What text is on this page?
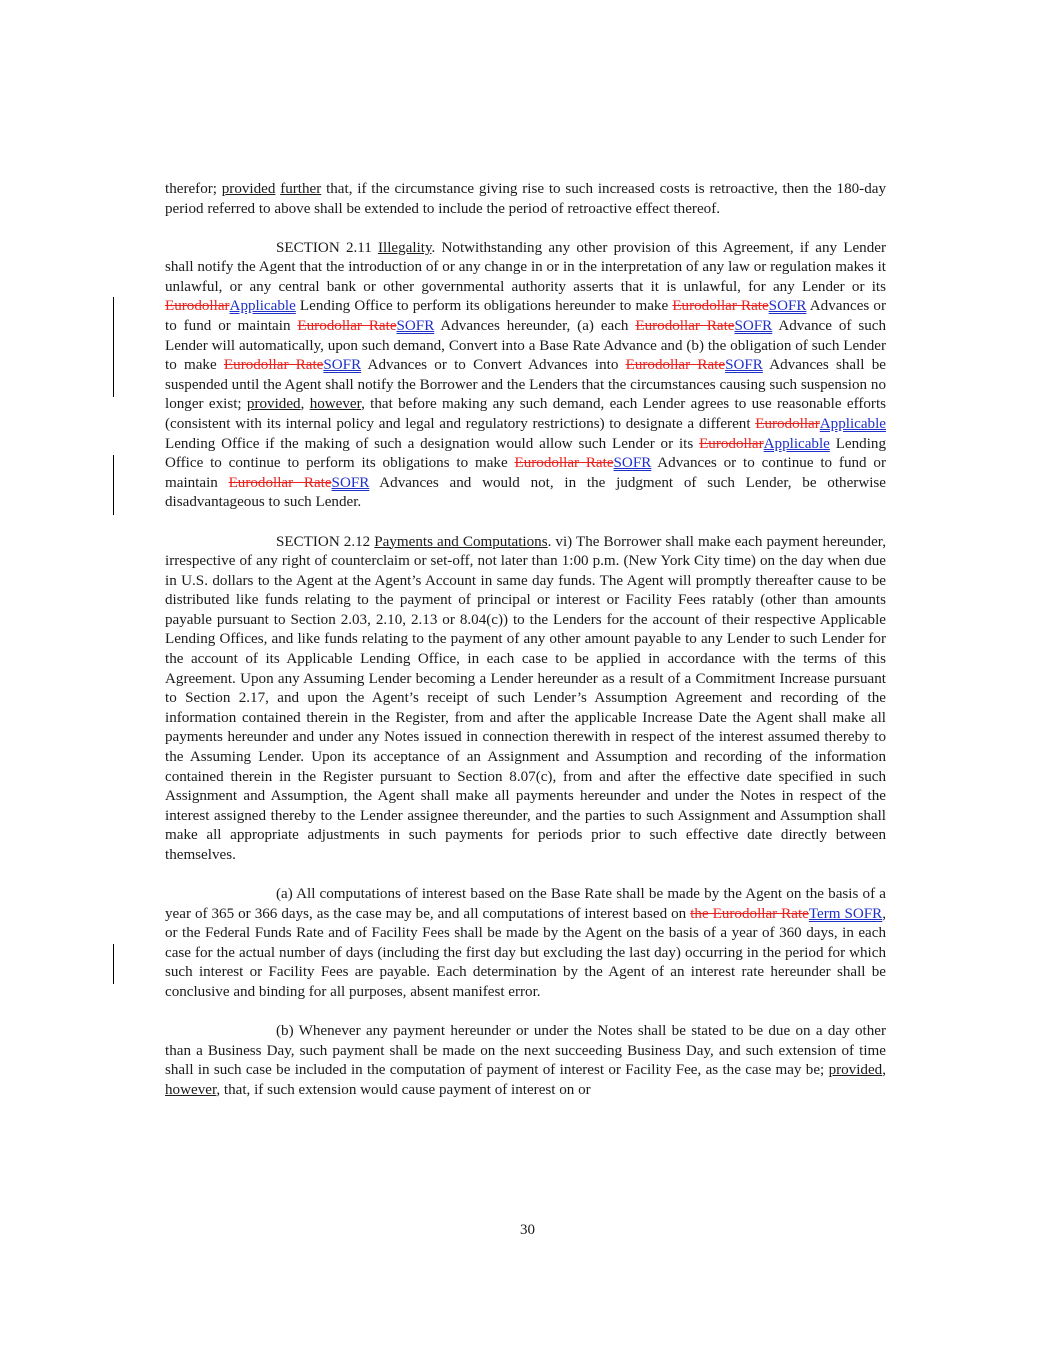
therefor; provided further that, if the circumstance giving rise to such increased costs is retroactive, then the 180-day period referred to above shall be extended to include the period of retroactive effect thereof.

SECTION 2.11 Illegality. Notwithstanding any other provision of this Agreement, if any Lender shall notify the Agent that the introduction of or any change in or in the interpretation of any law or regulation makes it unlawful, or any central bank or other governmental authority asserts that it is unlawful, for any Lender or its EurodollarApplicable Lending Office to perform its obligations hereunder to make Eurodollar RateSOFR Advances or to fund or maintain Eurodollar RateSOFR Advances hereunder, (a) each Eurodollar RateSOFR Advance of such Lender will automatically, upon such demand, Convert into a Base Rate Advance and (b) the obligation of such Lender to make Eurodollar RateSOFR Advances or to Convert Advances into Eurodollar RateSOFR Advances shall be suspended until the Agent shall notify the Borrower and the Lenders that the circumstances causing such suspension no longer exist; provided, however, that before making any such demand, each Lender agrees to use reasonable efforts (consistent with its internal policy and legal and regulatory restrictions) to designate a different EurodollarApplicable Lending Office if the making of such a designation would allow such Lender or its EurodollarApplicable Lending Office to continue to perform its obligations to make Eurodollar RateSOFR Advances or to continue to fund or maintain Eurodollar RateSOFR Advances and would not, in the judgment of such Lender, be otherwise disadvantageous to such Lender.

SECTION 2.12 Payments and Computations. vi) The Borrower shall make each payment hereunder, irrespective of any right of counterclaim or set-off, not later than 1:00 p.m. (New York City time) on the day when due in U.S. dollars to the Agent at the Agent’s Account in same day funds. The Agent will promptly thereafter cause to be distributed like funds relating to the payment of principal or interest or Facility Fees ratably (other than amounts payable pursuant to Section 2.03, 2.10, 2.13 or 8.04(c)) to the Lenders for the account of their respective Applicable Lending Offices, and like funds relating to the payment of any other amount payable to any Lender to such Lender for the account of its Applicable Lending Office, in each case to be applied in accordance with the terms of this Agreement. Upon any Assuming Lender becoming a Lender hereunder as a result of a Commitment Increase pursuant to Section 2.17, and upon the Agent’s receipt of such Lender’s Assumption Agreement and recording of the information contained therein in the Register, from and after the applicable Increase Date the Agent shall make all payments hereunder and under any Notes issued in connection therewith in respect of the interest assumed thereby to the Assuming Lender. Upon its acceptance of an Assignment and Assumption and recording of the information contained therein in the Register pursuant to Section 8.07(c), from and after the effective date specified in such Assignment and Assumption, the Agent shall make all payments hereunder and under the Notes in respect of the interest assigned thereby to the Lender assignee thereunder, and the parties to such Assignment and Assumption shall make all appropriate adjustments in such payments for periods prior to such effective date directly between themselves.

(a) All computations of interest based on the Base Rate shall be made by the Agent on the basis of a year of 365 or 366 days, as the case may be, and all computations of interest based on the Eurodollar RateTerm SOFR, or the Federal Funds Rate and of Facility Fees shall be made by the Agent on the basis of a year of 360 days, in each case for the actual number of days (including the first day but excluding the last day) occurring in the period for which such interest or Facility Fees are payable. Each determination by the Agent of an interest rate hereunder shall be conclusive and binding for all purposes, absent manifest error.

(b) Whenever any payment hereunder or under the Notes shall be stated to be due on a day other than a Business Day, such payment shall be made on the next succeeding Business Day, and such extension of time shall in such case be included in the computation of payment of interest or Facility Fee, as the case may be; provided, however, that, if such extension would cause payment of interest on or

30
